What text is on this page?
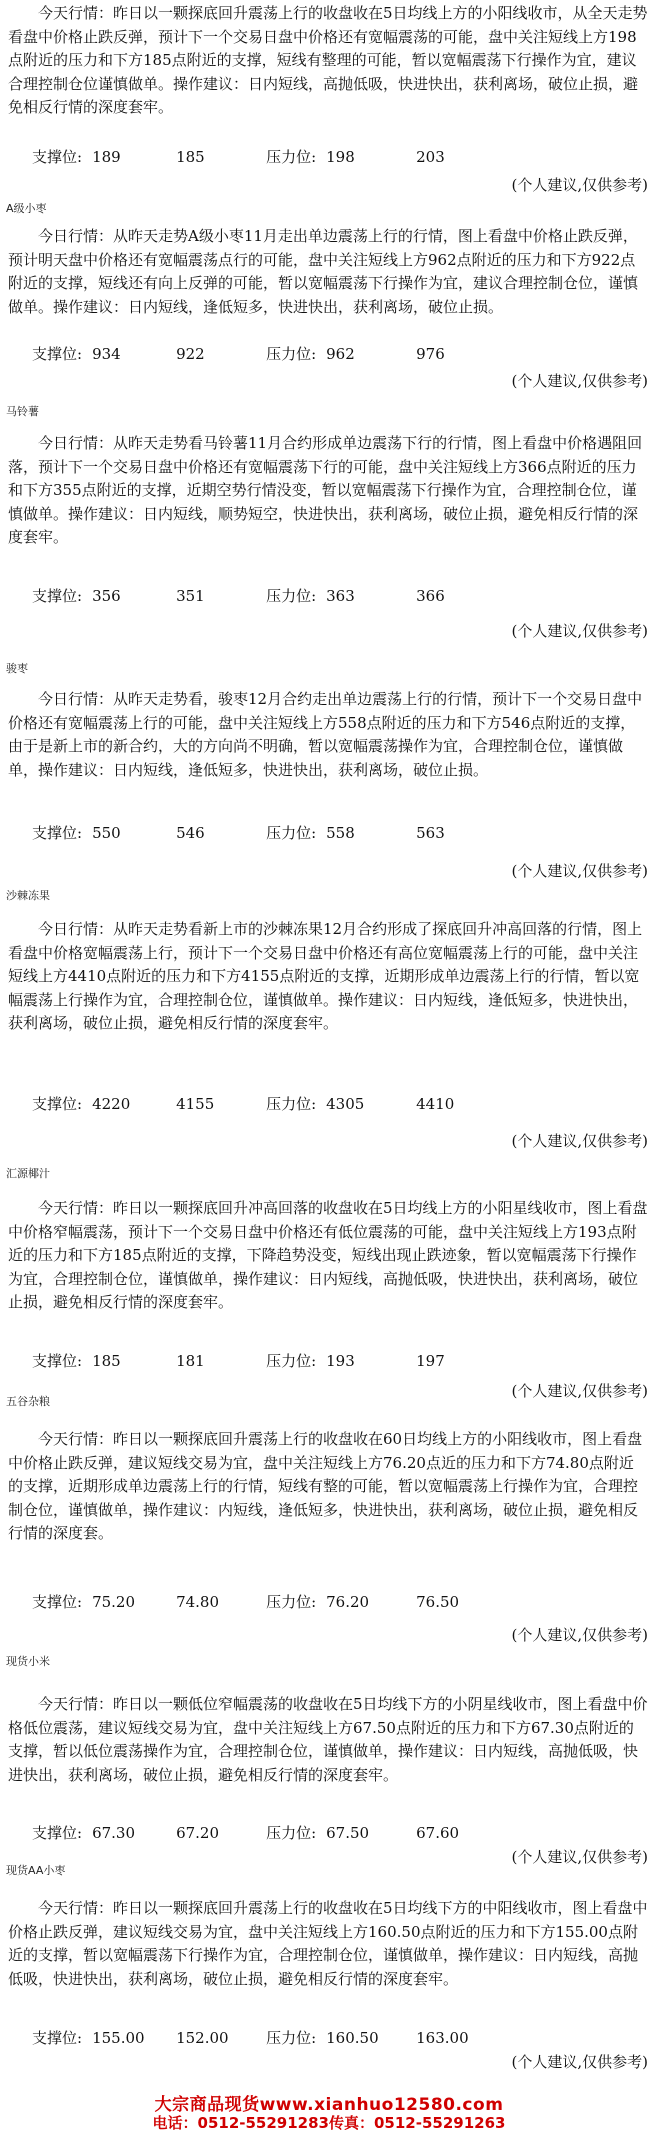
今天行情：昨日以一颗探底回升震荡上行的收盘收在5日均线上方的小阳线收市，从全天走势看盘中价格止跌反弹，预计下一个交易日盘中价格还有宽幅震荡的可能，盘中关注短线上方198点附近的压力和下方185点附近的支撑，短线有整理的可能，暂以宽幅震荡下行操作为宜，建议合理控制仓位谨慎做单。操作建议：日内短线，高抛低吸，快进快出，获利离场，破位止损，避免相反行情的深度套牢。

支撑位: 189	185	压力位: 198	203
(个人建议,仅供参考)
A级小枣

今日行情：从昨天走势A级小枣11月走出单边震荡上行的行情，图上看盘中价格止跌反弹，预计明天盘中价格还有宽幅震荡点行的可能，盘中关注短线上方962点附近的压力和下方922点附近的支撑，短线还有向上反弹的可能，暂以宽幅震荡下行操作为宜，建议合理控制仓位，谨慎做单。操作建议：日内短线，逢低短多，快进快出，获利离场，破位止损。

支撑位: 934	922	压力位: 962	976
(个人建议,仅供参考)
马铃薯

今日行情：从昨天走势看马铃薯11月合约形成单边震荡下行的行情，图上看盘中价格遇阻回落，预计下一个交易日盘中价格还有宽幅震荡下行的可能，盘中关注短线上方366点附近的压力和下方355点附近的支撑，近期空势行情没变，暂以宽幅震荡下行操作为宜，合理控制仓位，谨慎做单。操作建议：日内短线，顺势短空，快进快出，获利离场，破位止损，避免相反行情的深度套牢。

支撑位: 356	351	压力位: 363	366
(个人建议,仅供参考)
骏枣

今日行情：从昨天走势看，骏枣12月合约走出单边震荡上行的行情，预计下一个交易日盘中价格还有宽幅震荡上行的可能，盘中关注短线上方558点附近的压力和下方546点附近的支撑，由于是新上市的新合约，大的方向尚不明确，暂以宽幅震荡操作为宜，合理控制仓位，谨慎做单，操作建议：日内短线，逢低短多，快进快出，获利离场，破位止损。

支撑位: 550	546	压力位: 558	563
(个人建议,仅供参考)
沙棘冻果

今日行情：从昨天走势看新上市的沙棘冻果12月合约形成了探底回升冲高回落的行情，图上看盘中价格宽幅震荡上行，预计下一个交易日盘中价格还有高位宽幅震荡上行的可能，盘中关注短线上方4410点附近的压力和下方4155点附近的支撑，近期形成单边震荡上行的行情，暂以宽幅震荡上行操作为宜，合理控制仓位，谨慎做单。操作建议：日内短线，逢低短多，快进快出，获利离场，破位止损，避免相反行情的深度套牢。

支撑位: 4220	4155	压力位: 4305	4410
(个人建议,仅供参考)
汇源椰汁

今天行情：昨日以一颗探底回升冲高回落的收盘收在5日均线上方的小阳星线收市，图上看盘中价格窄幅震荡，预计下一个交易日盘中价格还有低位震荡的可能，盘中关注短线上方193点附近的压力和下方185点附近的支撑，下降趋势没变，短线出现止跌迹象，暂以宽幅震荡下行操作为宜，合理控制仓位，谨慎做单，操作建议：日内短线，高抛低吸，快进快出，获利离场，破位止损，避免相反行情的深度套牢。

支撑位: 185	181	压力位: 193	197
(个人建议,仅供参考)
五谷杂粮

今天行情：昨日以一颗探底回升震荡上行的收盘收在60日均线上方的小阳线收市，图上看盘中价格止跌反弹，建议短线交易为宜，盘中关注短线上方76.20点近的压力和下方74.80点附近的支撑，近期形成单边震荡上行的行情，短线有整的可能，暂以宽幅震荡上行操作为宜，合理控制仓位，谨慎做单，操作建议：内短线，逢低短多，快进快出，获利离场，破位止损，避免相反行情的深度套。

支撑位: 75.20	74.80	压力位: 76.20	76.50
(个人建议,仅供参考)
现货小米

今天行情：昨日以一颗低位窄幅震荡的收盘收在5日均线下方的小阴星线收市，图上看盘中价格低位震荡，建议短线交易为宜，盘中关注短线上方67.50点附近的压力和下方67.30点附近的支撑，暂以低位震荡操作为宜，合理控制仓位，谨慎做单，操作建议：日内短线，高抛低吸，快进快出，获利离场，破位止损，避免相反行情的深度套牢。

支撑位: 67.30	67.20	压力位: 67.50	67.60
(个人建议,仅供参考)
现货AA小枣

今天行情：昨日以一颗探底回升震荡上行的收盘收在5日均线下方的中阳线收市，图上看盘中价格止跌反弹，建议短线交易为宜，盘中关注短线上方160.50点附近的压力和下方155.00点附近的支撑，暂以宽幅震荡下行操作为宜，合理控制仓位，谨慎做单，操作建议：日内短线，高抛低吸，快进快出，获利离场，破位止损，避免相反行情的深度套牢。

支撑位: 155.00 152.00	压力位: 160.50	163.00
(个人建议,仅供参考)
大宗商品现货www.xianhuo12580.com
电话：0512-55291283传真：0512-55291263
